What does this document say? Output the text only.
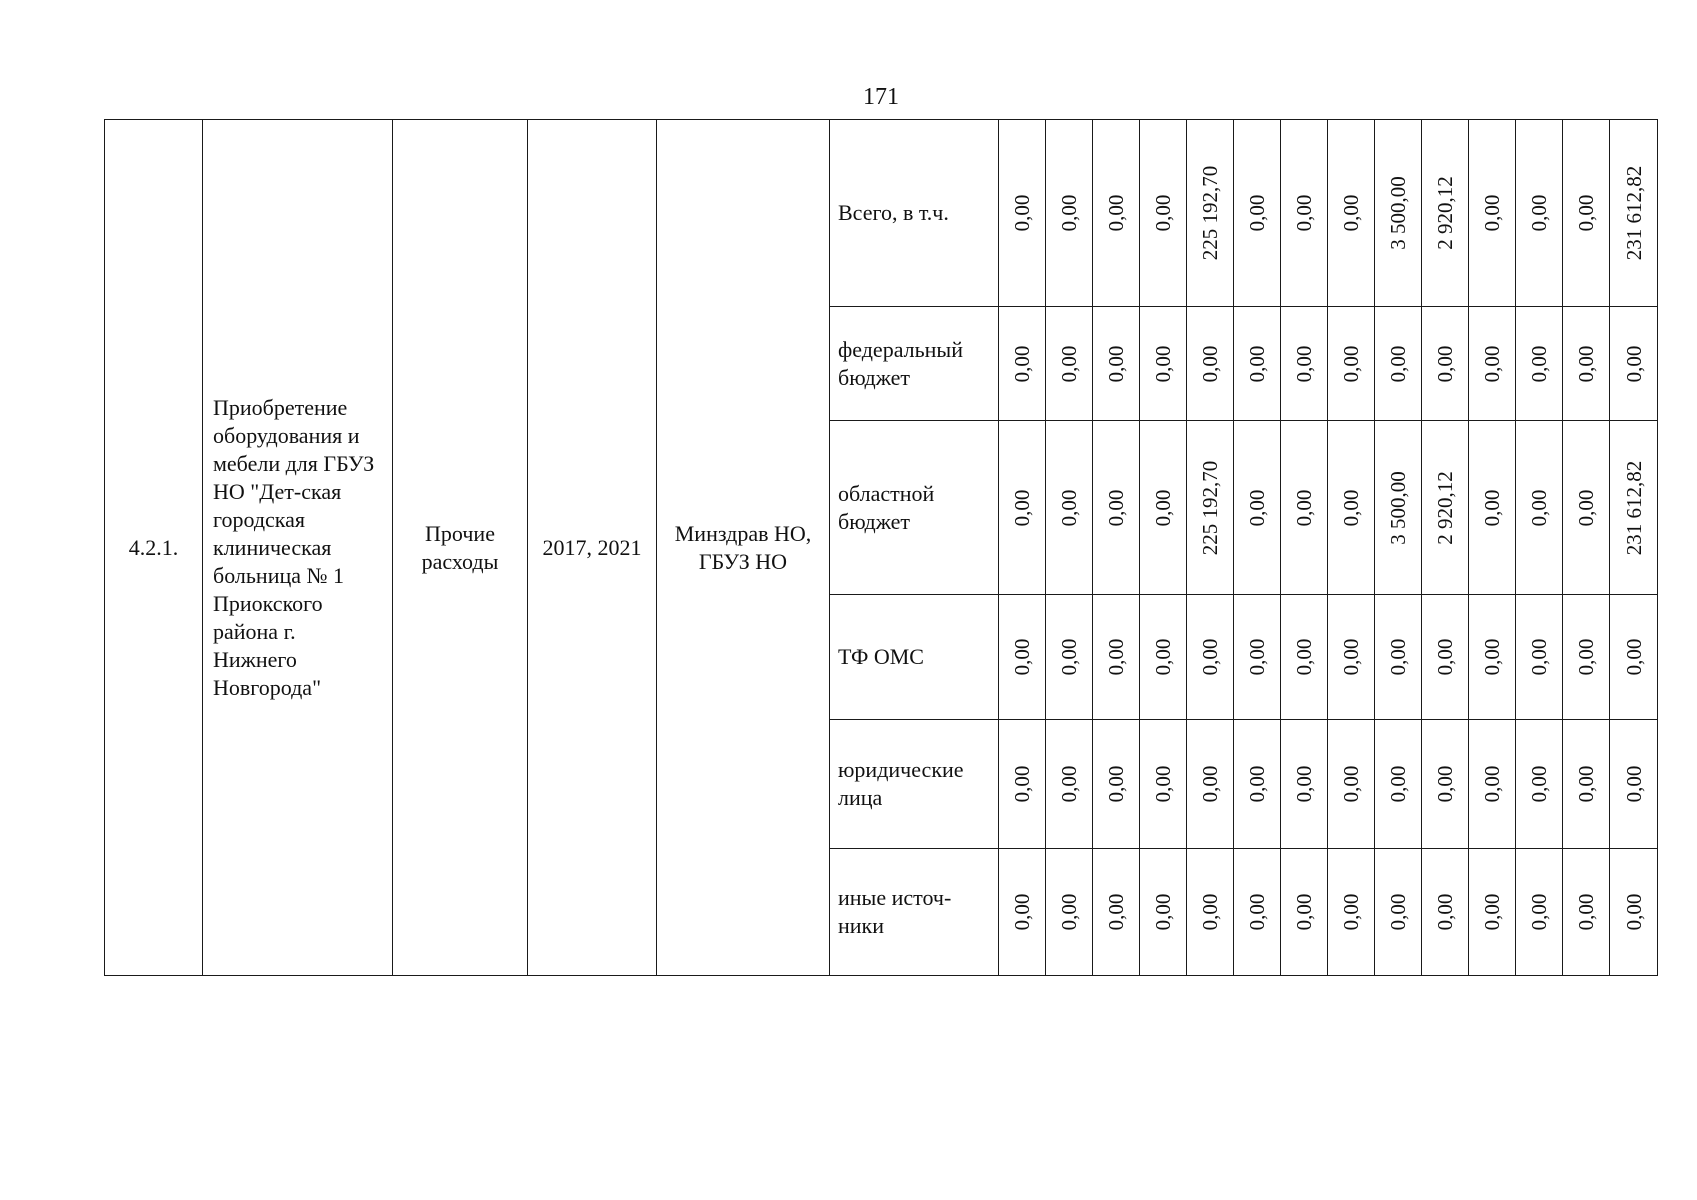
171
4.2.1.	Приобретение оборудования и мебели для ГБУЗ НО "Дет-ская городская клиническая больница № 1 Приокского района г. Нижнего Новгорода"	Прочие расходы	2017, 2021	Минздрав НО, ГБУЗ НО	Всего, в т.ч.	0,00	0,00	0,00	0,00	225 192,70	0,00	0,00	0,00	3 500,00	2 920,12	0,00	0,00	0,00	231 612,82

					федеральный бюджет	0,00	0,00	0,00	0,00	0,00	0,00	0,00	0,00	0,00	0,00	0,00	0,00	0,00	0,00

					областной бюджет	0,00	0,00	0,00	0,00	225 192,70	0,00	0,00	0,00	3 500,00	2 920,12	0,00	0,00	0,00	231 612,82

					ТФ ОМС	0,00	0,00	0,00	0,00	0,00	0,00	0,00	0,00	0,00	0,00	0,00	0,00	0,00	0,00

					юридические лица	0,00	0,00	0,00	0,00	0,00	0,00	0,00	0,00	0,00	0,00	0,00	0,00	0,00	0,00

					иные источ-ники	0,00	0,00	0,00	0,00	0,00	0,00	0,00	0,00	0,00	0,00	0,00	0,00	0,00	0,00
